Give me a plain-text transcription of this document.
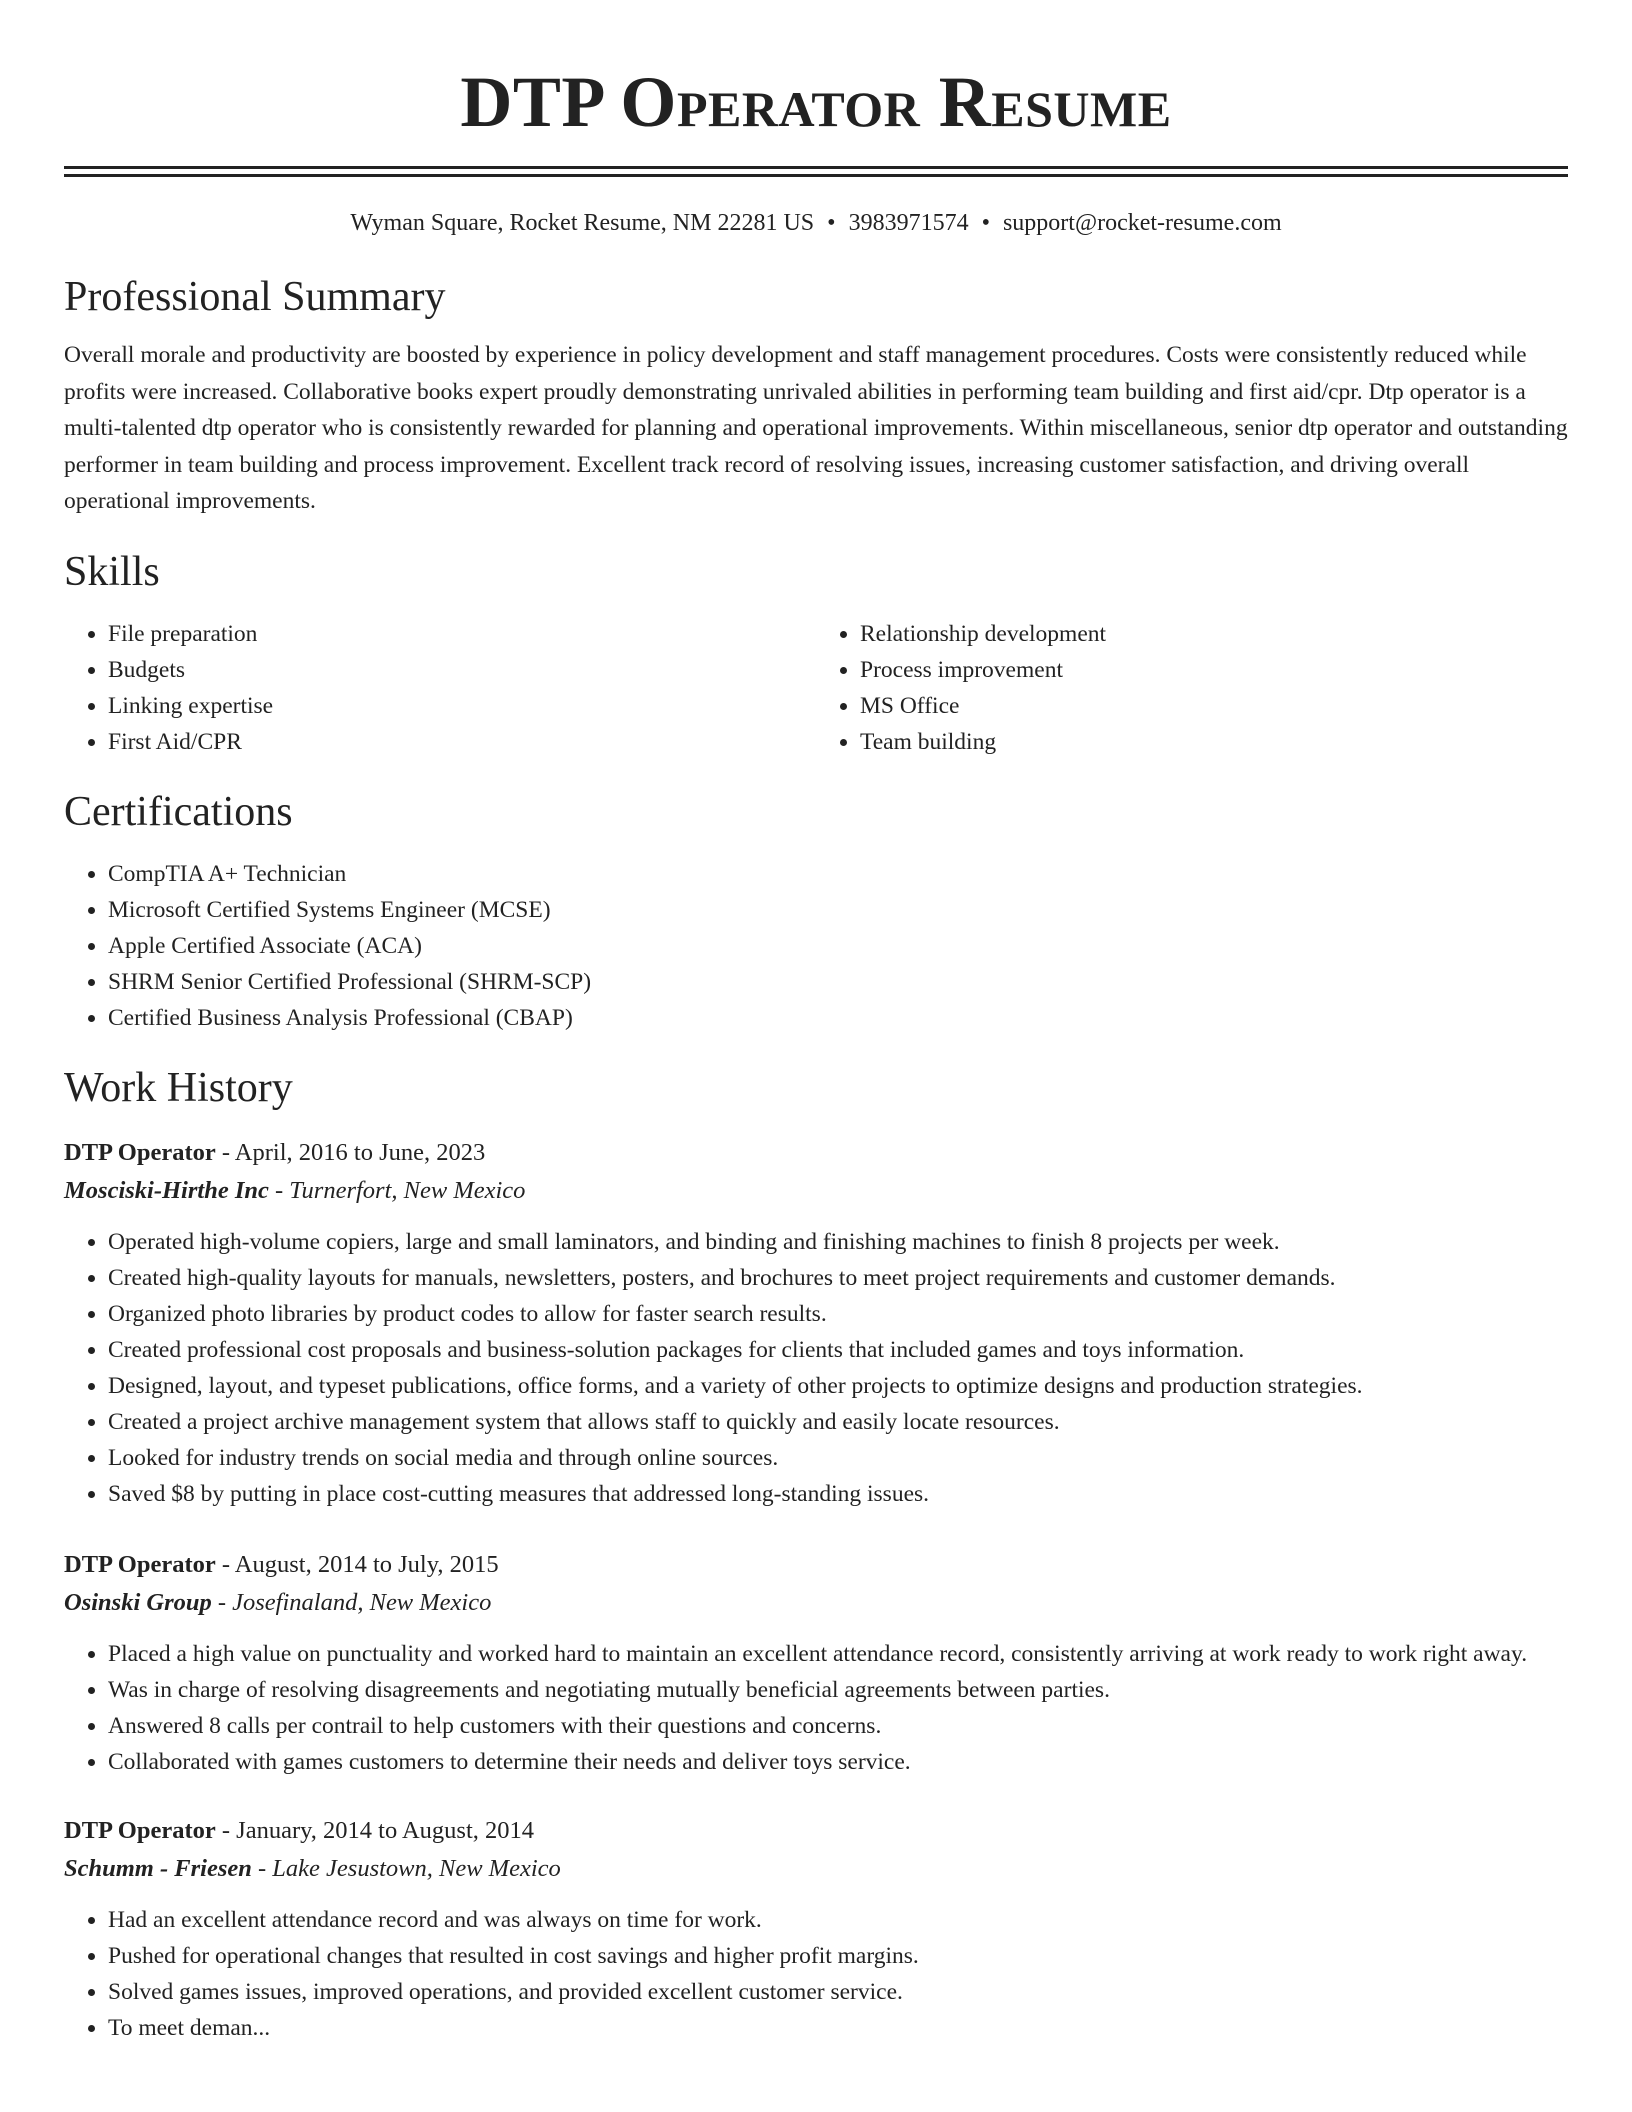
DTP Operator Resume
Wyman Square, Rocket Resume, NM 22281 US • 3983971574 • support@rocket-resume.com
Professional Summary

Overall morale and productivity are boosted by experience in policy development and staff management procedures. Costs were consistently reduced while profits were increased. Collaborative books expert proudly demonstrating unrivaled abilities in performing team building and first aid/cpr. Dtp operator is a multi-talented dtp operator who is consistently rewarded for planning and operational improvements. Within miscellaneous, senior dtp operator and outstanding performer in team building and process improvement. Excellent track record of resolving issues, increasing customer satisfaction, and driving overall operational improvements.

Skills
• File preparation
• Budgets
• Linking expertise
• First Aid/CPR
• Relationship development
• Process improvement
• MS Office
• Team building
Certifications
• CompTIA A+ Technician
• Microsoft Certified Systems Engineer (MCSE)
• Apple Certified Associate (ACA)
• SHRM Senior Certified Professional (SHRM-SCP)
• Certified Business Analysis Professional (CBAP)
Work History
DTP Operator - April, 2016 to June, 2023
Mosciski-Hirthe Inc - Turnerfort, New Mexico
• Operated high-volume copiers, large and small laminators, and binding and finishing machines to finish 8 projects per week.
• Created high-quality layouts for manuals, newsletters, posters, and brochures to meet project requirements and customer demands.
• Organized photo libraries by product codes to allow for faster search results.
• Created professional cost proposals and business-solution packages for clients that included games and toys information.
• Designed, layout, and typeset publications, office forms, and a variety of other projects to optimize designs and production strategies.
• Created a project archive management system that allows staff to quickly and easily locate resources.
• Looked for industry trends on social media and through online sources.
• Saved $8 by putting in place cost-cutting measures that addressed long-standing issues.
DTP Operator - August, 2014 to July, 2015
Osinski Group - Josefinaland, New Mexico
• Placed a high value on punctuality and worked hard to maintain an excellent attendance record, consistently arriving at work ready to work right away.
• Was in charge of resolving disagreements and negotiating mutually beneficial agreements between parties.
• Answered 8 calls per contrail to help customers with their questions and concerns.
• Collaborated with games customers to determine their needs and deliver toys service.
DTP Operator - January, 2014 to August, 2014
Schumm - Friesen - Lake Jesustown, New Mexico
• Had an excellent attendance record and was always on time for work.
• Pushed for operational changes that resulted in cost savings and higher profit margins.
• Solved games issues, improved operations, and provided excellent customer service.
• To meet deman...
